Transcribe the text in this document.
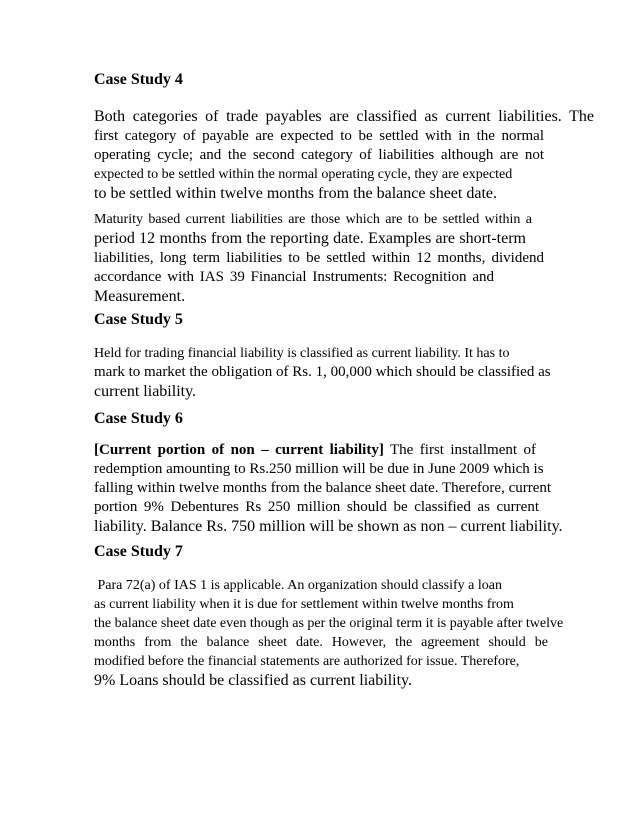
Case Study 4
Both categories of trade payables are classified as current liabilities. The
first category of payable are expected to be settled with in the normal
operating cycle; and the second category of liabilities although are not
expected to be settled within the normal operating cycle, they are expected
to be settled within twelve months from the balance sheet date.
Maturity based current liabilities are those which are to be settled within a
period 12 months from the reporting date. Examples are short-term
liabilities, long term liabilities to be settled within 12 months, dividend
accordance with IAS 39 Financial Instruments: Recognition and
Measurement.
Case Study 5
Held for trading financial liability is classified as current liability. It has to
mark to market the obligation of Rs. 1, 00,000 which should be classified as
current liability.
Case Study 6
[Current portion of non – current liability] The first installment of
redemption amounting to Rs.250 million will be due in June 2009 which is
falling within twelve months from the balance sheet date. Therefore, current
portion 9% Debentures Rs 250 million should be classified as current
liability. Balance Rs. 750 million will be shown as non – current liability.
Case Study 7
Para 72(a) of IAS 1 is applicable. An organization should classify a loan
as current liability when it is due for settlement within twelve months from
the balance sheet date even though as per the original term it is payable after twelve
months from the balance sheet date. However, the agreement should be
modified before the financial statements are authorized for issue. Therefore,
9% Loans should be classified as current liability.
